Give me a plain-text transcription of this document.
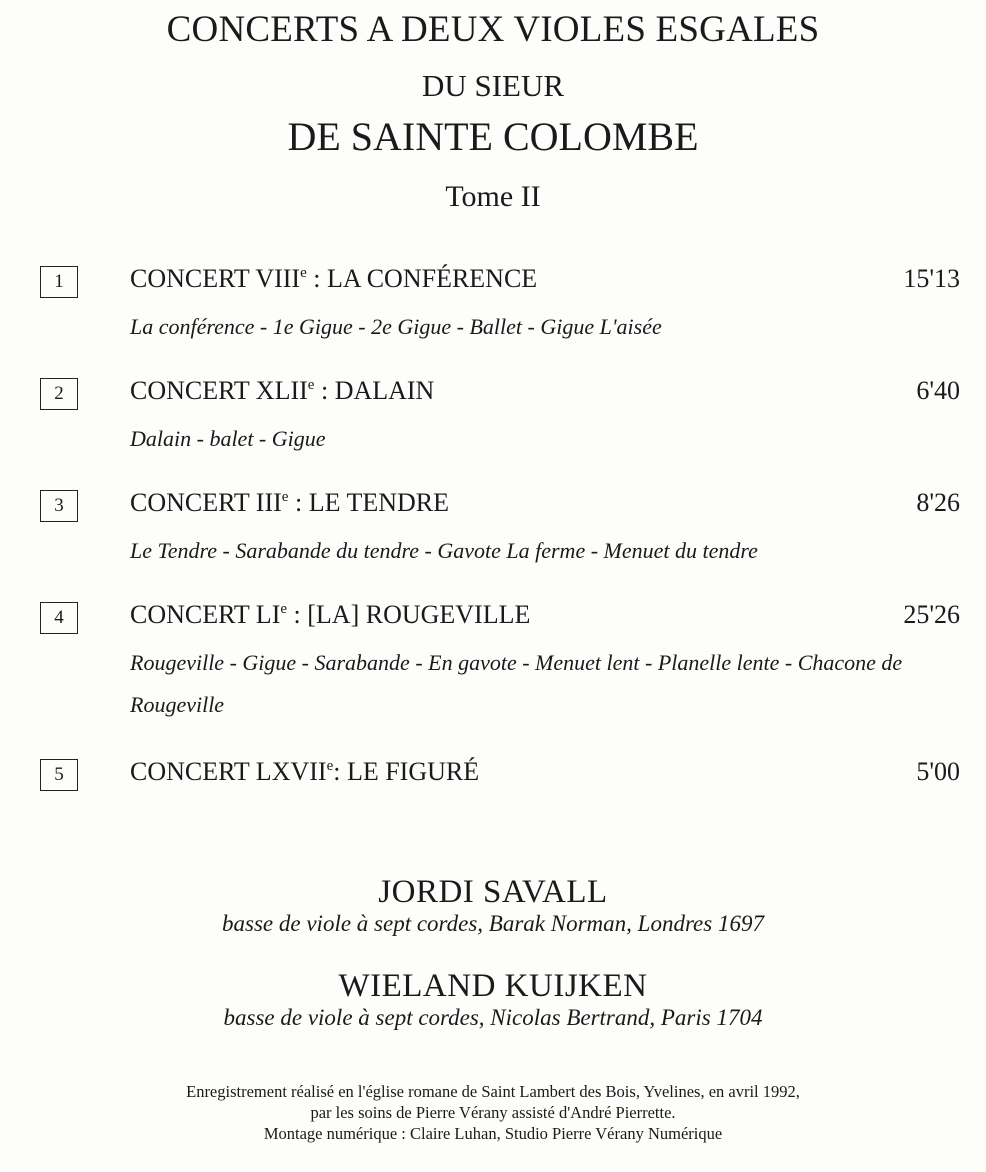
CONCERTS A DEUX VIOLES ESGALES
DU SIEUR
DE SAINTE COLOMBE
Tome II
1	CONCERT VIIIe : LA CONFÉRENCE	15'13
La conférence - 1e Gigue - 2e Gigue - Ballet - Gigue L'aisée
2	CONCERT XLIIe : DALAIN	6'40
Dalain - balet - Gigue
3	CONCERT IIIe : LE TENDRE	8'26
Le Tendre - Sarabande du tendre - Gavote La ferme - Menuet du tendre
4	CONCERT LIe : [LA] ROUGEVILLE	25'26
Rougeville - Gigue - Sarabande - En gavote - Menuet lent - Planelle lente - Chacone de Rougeville
5	CONCERT LXVIIe: LE FIGURÉ	5'00
JORDI SAVALL
basse de viole à sept cordes, Barak Norman, Londres 1697
WIELAND KUIJKEN
basse de viole à sept cordes, Nicolas Bertrand, Paris 1704
Enregistrement réalisé en l'église romane de Saint Lambert des Bois, Yvelines, en avril 1992,
par les soins de Pierre Vérany assisté d'André Pierrette.
Montage numérique : Claire Luhan, Studio Pierre Vérany Numérique
